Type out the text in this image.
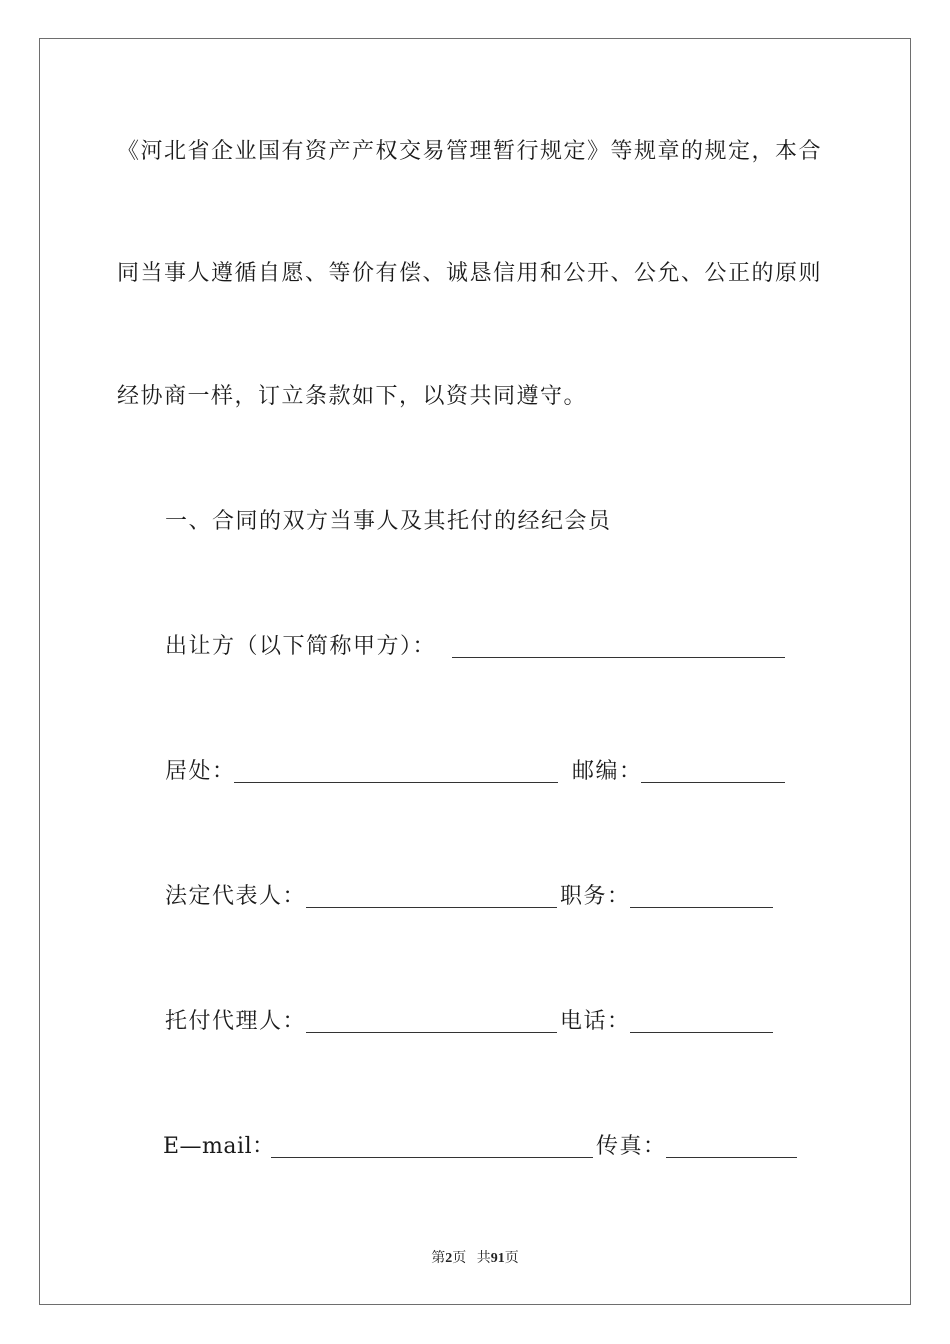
《河北省企业国有资产产权交易管理暂行规定》等规章的规定，本合
同当事人遵循自愿、等价有偿、诚恳信用和公开、公允、公正的原则
经协商一样，订立条款如下，以资共同遵守。
一、合同的双方当事人及其托付的经纪会员
出让方（以下简称甲方）：
居处：	邮编：
法定代表人：	职务：
托付代理人：	电话：
E—mail：	传真：
第2页 共91页
